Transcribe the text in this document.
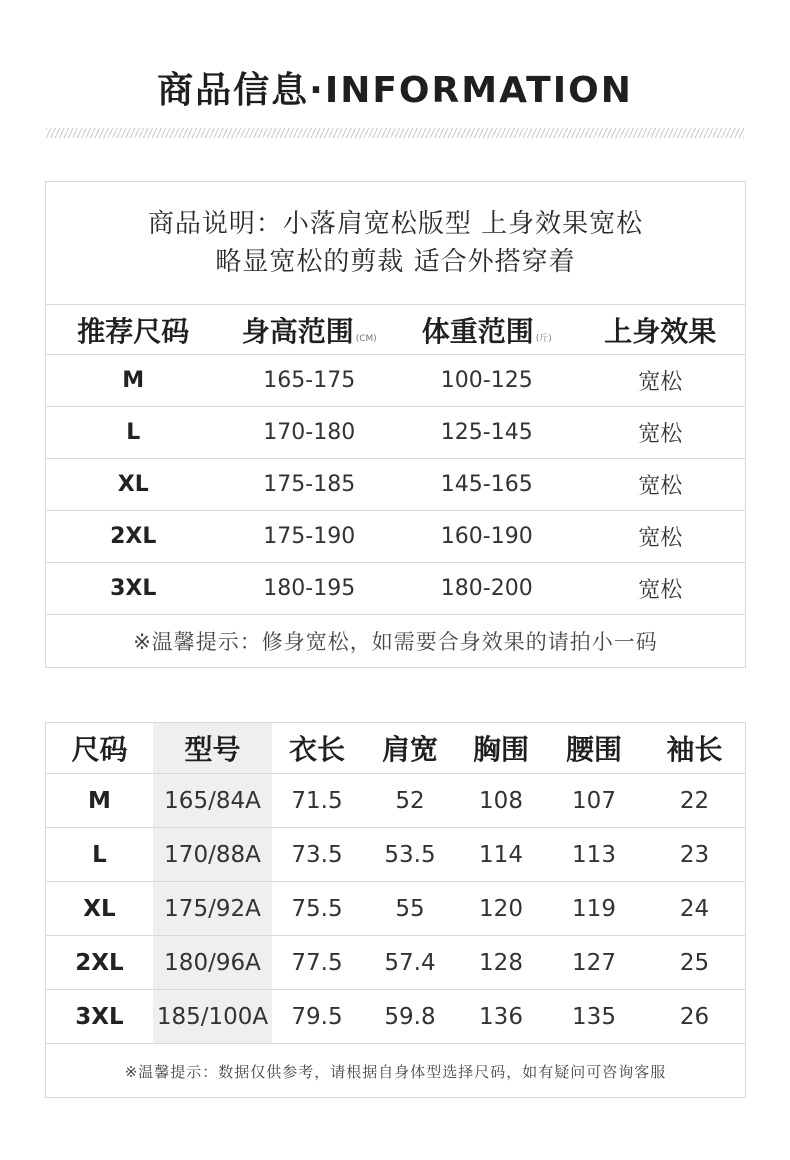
商品信息·INFORMATION
商品说明：小落肩宽松版型 上身效果宽松
略显宽松的剪裁 适合外搭穿着
推荐尺码	身高范围 (CM)	体重范围 (斤)	上身效果
M	165-175	100-125	宽松
L	170-180	125-145	宽松
XL	175-185	145-165	宽松
2XL	175-190	160-190	宽松
3XL	180-195	180-200	宽松
※温馨提示：修身宽松，如需要合身效果的请拍小一码
尺码	型号	衣长	肩宽	胸围	腰围	袖长
M	165/84A	71.5	52	108	107	22
L	170/88A	73.5	53.5	114	113	23
XL	175/92A	75.5	55	120	119	24
2XL	180/96A	77.5	57.4	128	127	25
3XL	185/100A	79.5	59.8	136	135	26
※温馨提示：数据仅供参考，请根据自身体型选择尺码，如有疑问可咨询客服
